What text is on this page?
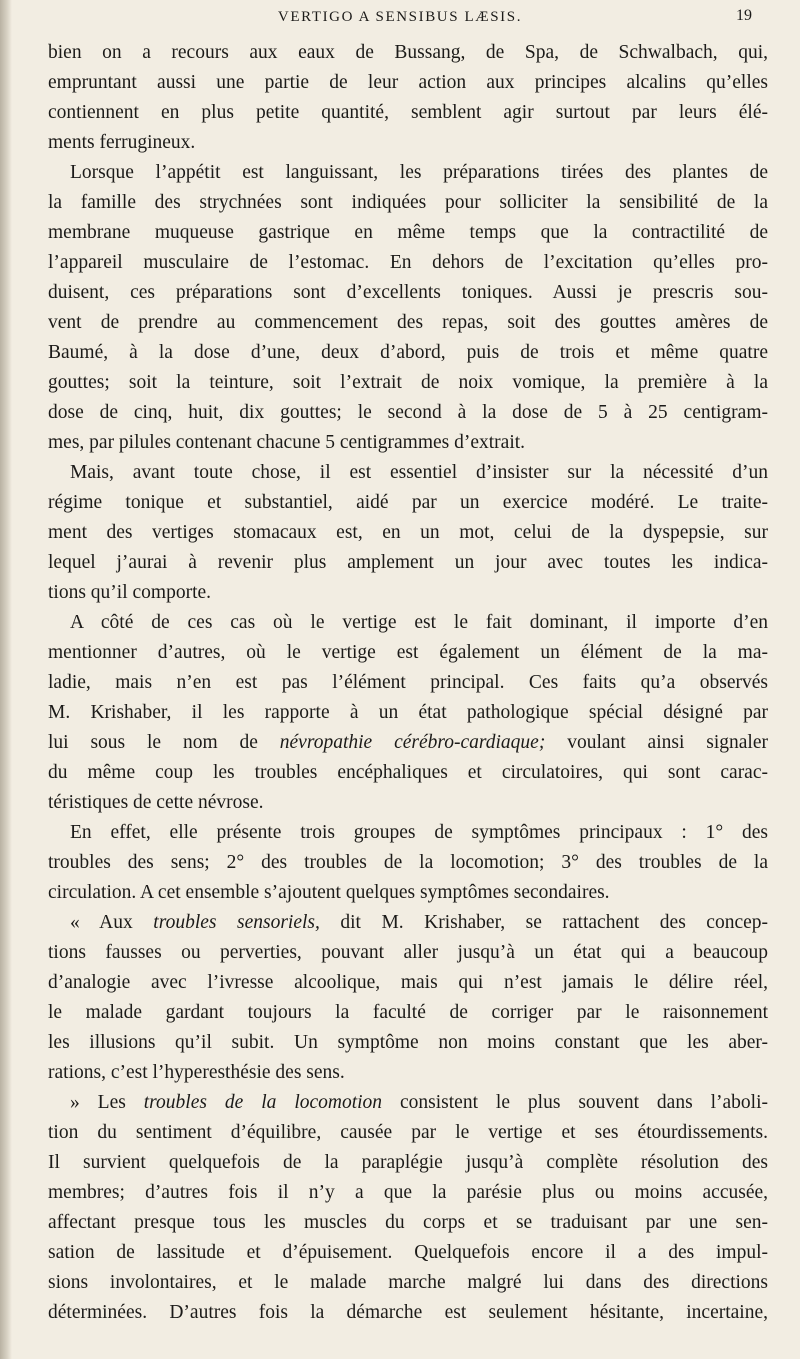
VERTIGO A SENSIBUS LÆSIS.	19
bien on a recours aux eaux de Bussang, de Spa, de Schwalbach, qui,
empruntant aussi une partie de leur action aux principes alcalins qu’elles
contiennent en plus petite quantité, semblent agir surtout par leurs élé-
ments ferrugineux.
Lorsque l’appétit est languissant, les préparations tirées des plantes de
la famille des strychnées sont indiquées pour solliciter la sensibilité de la
membrane muqueuse gastrique en même temps que la contractilité de
l’appareil musculaire de l’estomac. En dehors de l’excitation qu’elles pro-
duisent, ces préparations sont d’excellents toniques. Aussi je prescris sou-
vent de prendre au commencement des repas, soit des gouttes amères de
Baumé, à la dose d’une, deux d’abord, puis de trois et même quatre
gouttes; soit la teinture, soit l’extrait de noix vomique, la première à la
dose de cinq, huit, dix gouttes; le second à la dose de 5 à 25 centigram-
mes, par pilules contenant chacune 5 centigrammes d’extrait.
Mais, avant toute chose, il est essentiel d’insister sur la nécessité d’un
régime tonique et substantiel, aidé par un exercice modéré. Le traite-
ment des vertiges stomacaux est, en un mot, celui de la dyspepsie, sur
lequel j’aurai à revenir plus amplement un jour avec toutes les indica-
tions qu’il comporte.
A côté de ces cas où le vertige est le fait dominant, il importe d’en
mentionner d’autres, où le vertige est également un élément de la ma-
ladie, mais n’en est pas l’élément principal. Ces faits qu’a observés
M. Krishaber, il les rapporte à un état pathologique spécial désigné par
lui sous le nom de névropathie cérébro-cardiaque; voulant ainsi signaler
du même coup les troubles encéphaliques et circulatoires, qui sont carac-
téristiques de cette névrose.
En effet, elle présente trois groupes de symptômes principaux : 1° des
troubles des sens; 2° des troubles de la locomotion; 3° des troubles de la
circulation. A cet ensemble s’ajoutent quelques symptômes secondaires.
« Aux troubles sensoriels, dit M. Krishaber, se rattachent des concep-
tions fausses ou perverties, pouvant aller jusqu’à un état qui a beaucoup
d’analogie avec l’ivresse alcoolique, mais qui n’est jamais le délire réel,
le malade gardant toujours la faculté de corriger par le raisonnement
les illusions qu’il subit. Un symptôme non moins constant que les aber-
rations, c’est l’hyperesthésie des sens.
» Les troubles de la locomotion consistent le plus souvent dans l’aboli-
tion du sentiment d’équilibre, causée par le vertige et ses étourdissements.
Il survient quelquefois de la paraplégie jusqu’à complète résolution des
membres; d’autres fois il n’y a que la parésie plus ou moins accusée,
affectant presque tous les muscles du corps et se traduisant par une sen-
sation de lassitude et d’épuisement. Quelquefois encore il a des impul-
sions involontaires, et le malade marche malgré lui dans des directions
déterminées. D’autres fois la démarche est seulement hésitante, incertaine,
